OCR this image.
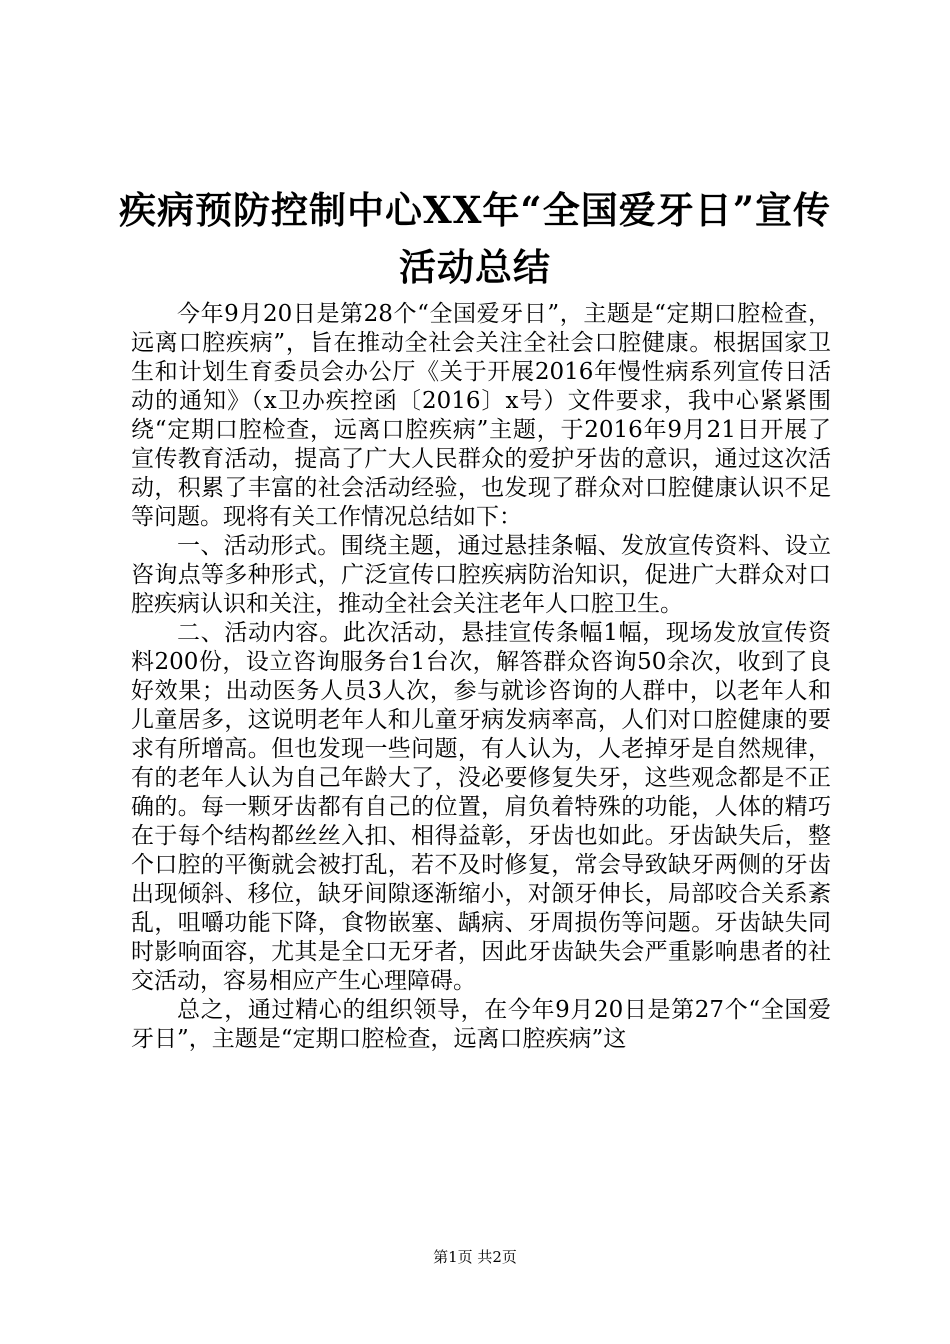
疾病预防控制中心XX年“全国爱牙日”宣传
活动总结

今年9月20日是第28个“全国爱牙日”，主题是“定期口腔检查，远离口腔疾病”，旨在推动全社会关注全社会口腔健康。根据国家卫生和计划生育委员会办公厅《关于开展2016年慢性病系列宣传日活动的通知》（x卫办疾控函〔2016〕x号）文件要求，我中心紧紧围绕“定期口腔检查，远离口腔疾病”主题，于2016年9月21日开展了宣传教育活动，提高了广大人民群众的爱护牙齿的意识，通过这次活动，积累了丰富的社会活动经验，也发现了群众对口腔健康认识不足等问题。现将有关工作情况总结如下：

一、活动形式。围绕主题，通过悬挂条幅、发放宣传资料、设立咨询点等多种形式，广泛宣传口腔疾病防治知识，促进广大群众对口腔疾病认识和关注，推动全社会关注老年人口腔卫生。

二、活动内容。此次活动，悬挂宣传条幅1幅，现场发放宣传资料200份，设立咨询服务台1台次，解答群众咨询50余次，收到了良好效果；出动医务人员3人次，参与就诊咨询的人群中，以老年人和儿童居多，这说明老年人和儿童牙病发病率高，人们对口腔健康的要求有所增高。但也发现一些问题，有人认为，人老掉牙是自然规律，有的老年人认为自己年龄大了，没必要修复失牙，这些观念都是不正确的。每一颗牙齿都有自己的位置，肩负着特殊的功能，人体的精巧在于每个结构都丝丝入扣、相得益彰，牙齿也如此。牙齿缺失后，整个口腔的平衡就会被打乱，若不及时修复，常会导致缺牙两侧的牙齿出现倾斜、移位，缺牙间隙逐渐缩小，对颌牙伸长，局部咬合关系紊乱，咀嚼功能下降，食物嵌塞、龋病、牙周损伤等问题。牙齿缺失同时影响面容，尤其是全口无牙者，因此牙齿缺失会严重影响患者的社交活动，容易相应产生心理障碍。

总之，通过精心的组织领导，在今年9月20日是第27个“全国爱牙日”，主题是“定期口腔检查，远离口腔疾病”这

第1页 共2页
